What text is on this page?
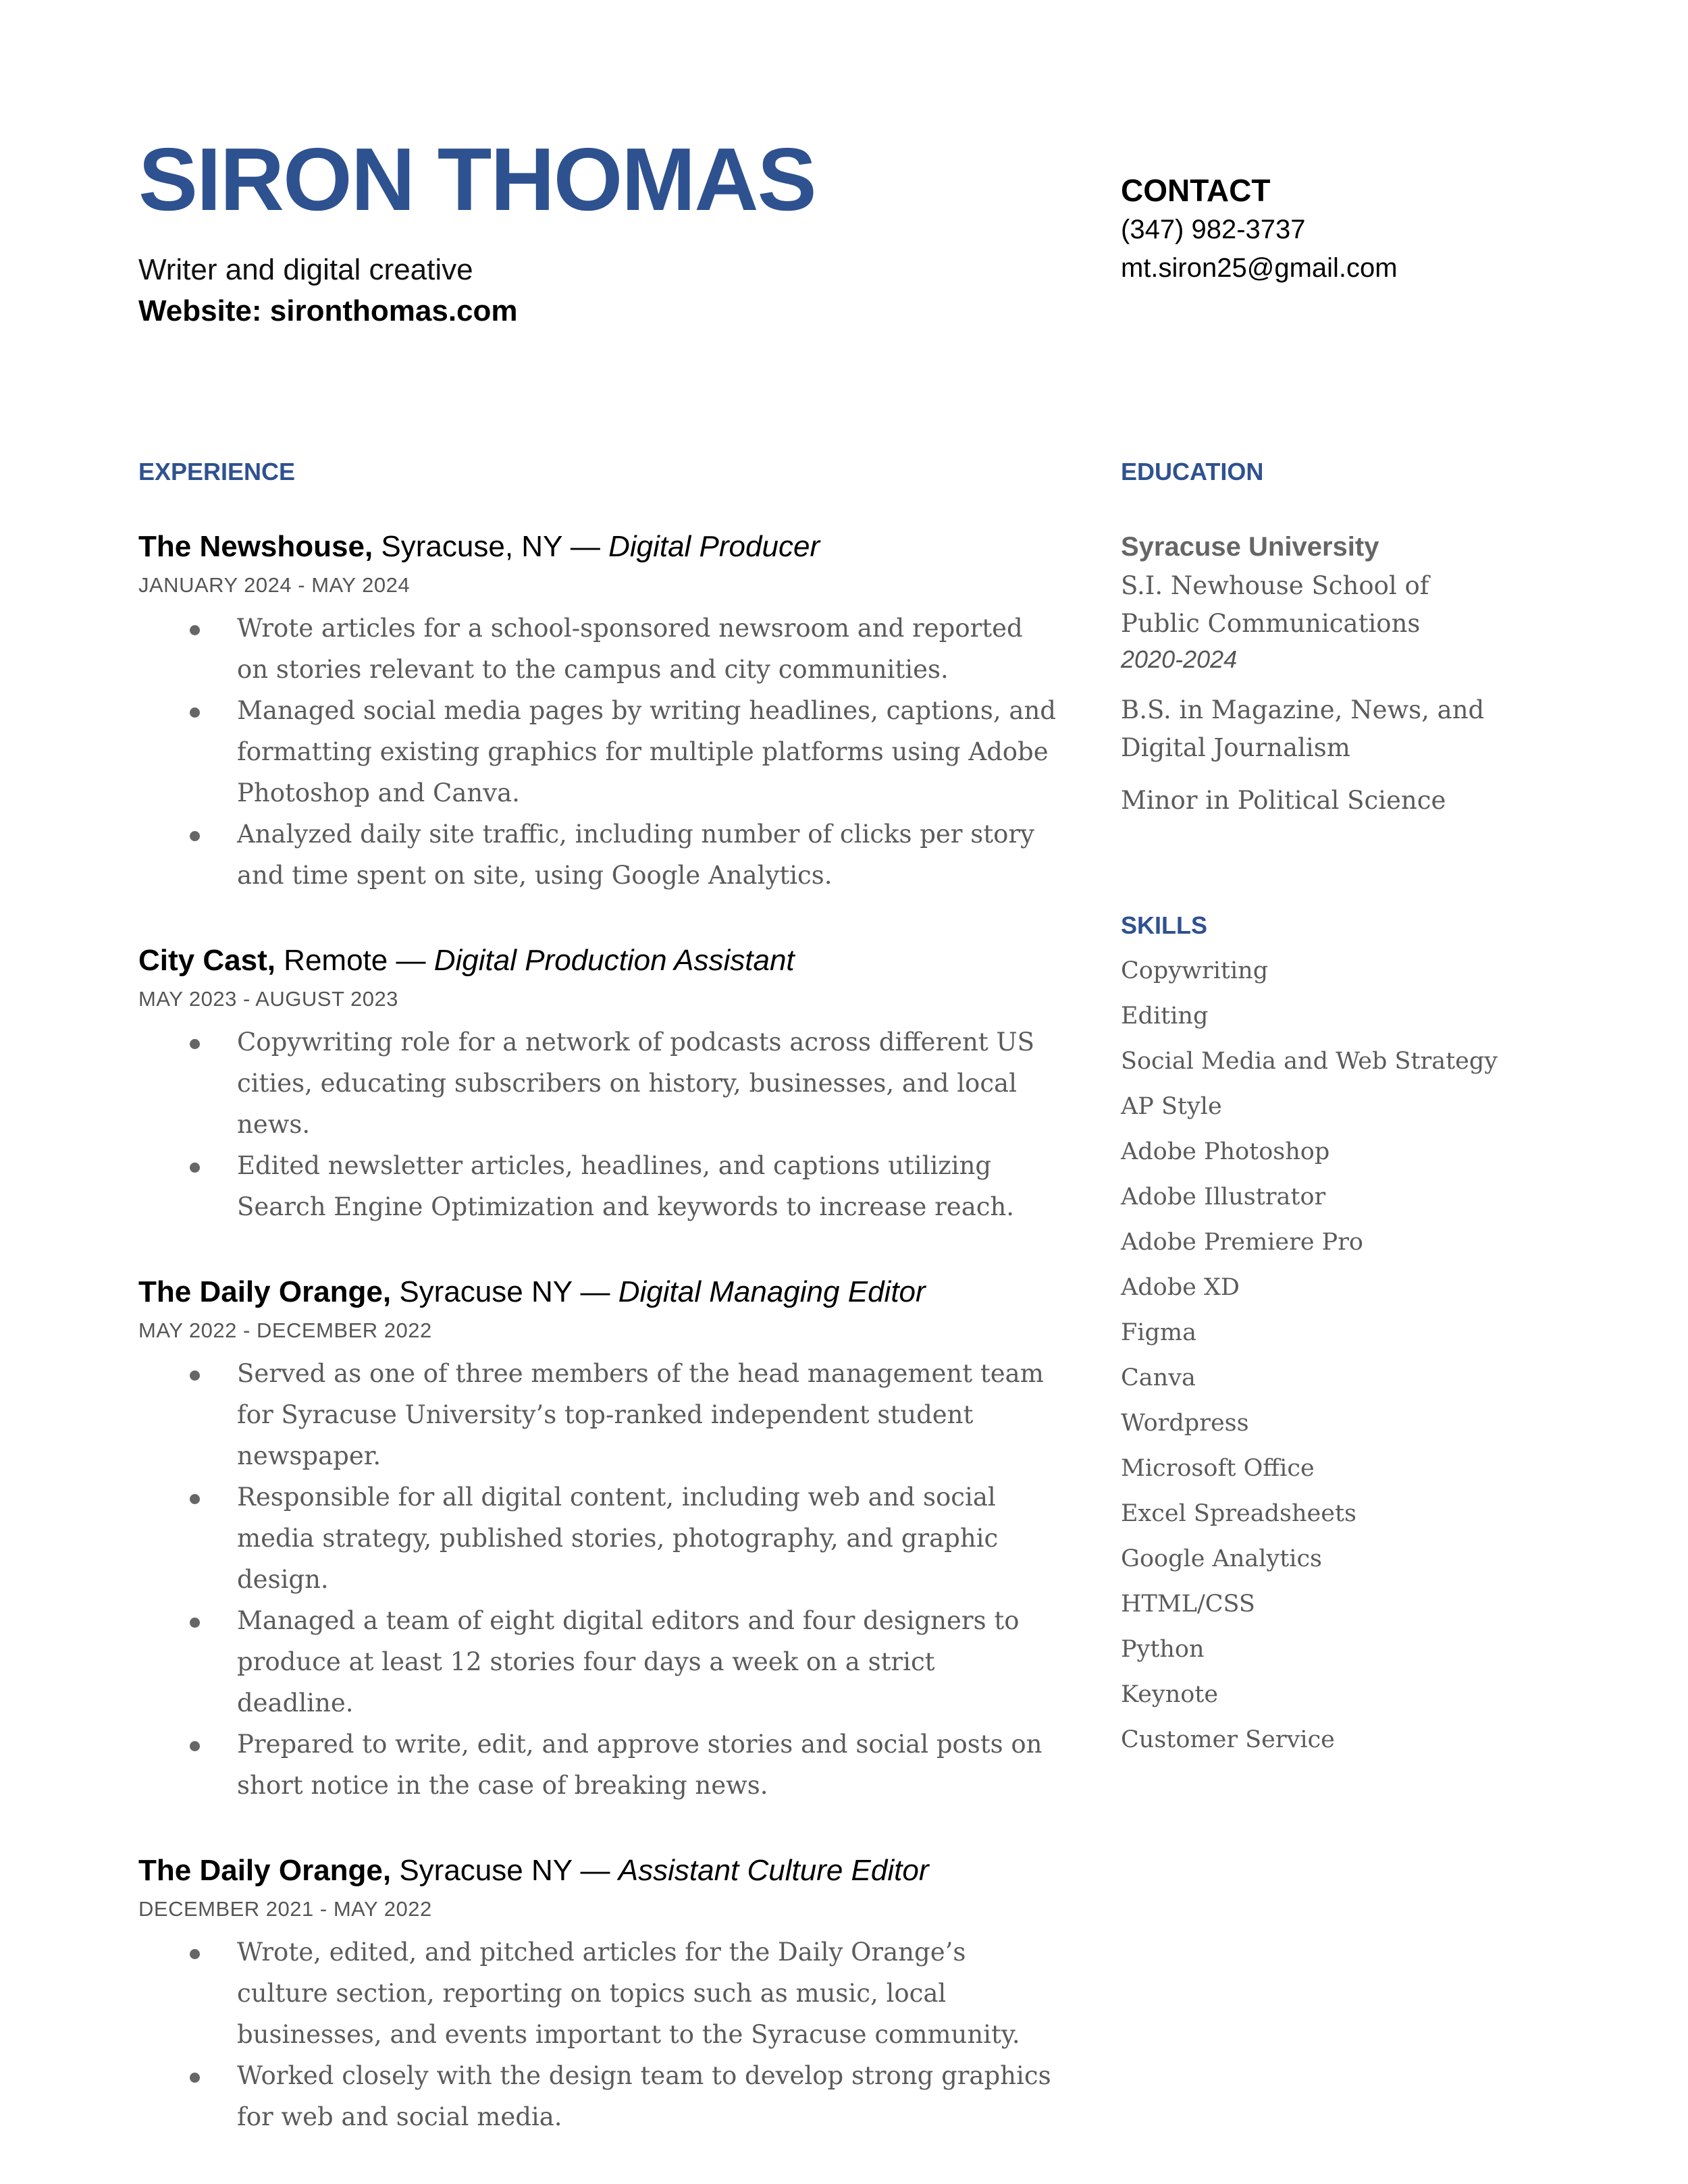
SIRON THOMAS
Writer and digital creative
Website: sironthomas.com
CONTACT
(347) 982-3737
mt.siron25@gmail.com
EXPERIENCE	EDUCATION
SKILLS
The Newshouse, Syracuse, NY — Digital Producer
JANUARY 2024 - MAY 2024
Wrote articles for a school-sponsored newsroom and reported on stories relevant to the campus and city communities.
Managed social media pages by writing headlines, captions, and formatting existing graphics for multiple platforms using Adobe Photoshop and Canva.
Analyzed daily site traffic, including number of clicks per story and time spent on site, using Google Analytics.
City Cast, Remote — Digital Production Assistant
MAY 2023 - AUGUST 2023
Copywriting role for a network of podcasts across different US cities, educating subscribers on history, businesses, and local news.
Edited newsletter articles, headlines, and captions utilizing Search Engine Optimization and keywords to increase reach.
The Daily Orange, Syracuse NY — Digital Managing Editor
MAY 2022 - DECEMBER 2022
Served as one of three members of the head management team for Syracuse University’s top-ranked independent student newspaper.
Responsible for all digital content, including web and social media strategy, published stories, photography, and graphic design.
Managed a team of eight digital editors and four designers to produce at least 12 stories four days a week on a strict deadline.
Prepared to write, edit, and approve stories and social posts on short notice in the case of breaking news.
The Daily Orange, Syracuse NY — Assistant Culture Editor
DECEMBER 2021 - MAY 2022
Wrote, edited, and pitched articles for the Daily Orange’s culture section, reporting on topics such as music, local businesses, and events important to the Syracuse community.
Worked closely with the design team to develop strong graphics for web and social media.
Syracuse University
S.I. Newhouse School of
Public Communications
2020-2024
B.S. in Magazine, News, and
Digital Journalism
Minor in Political Science
Copywriting
Editing
Social Media and Web Strategy
AP Style
Adobe Photoshop
Adobe Illustrator
Adobe Premiere Pro
Adobe XD
Figma
Canva
Wordpress
Microsoft Office
Excel Spreadsheets
Google Analytics
HTML/CSS
Python
Keynote
Customer Service
